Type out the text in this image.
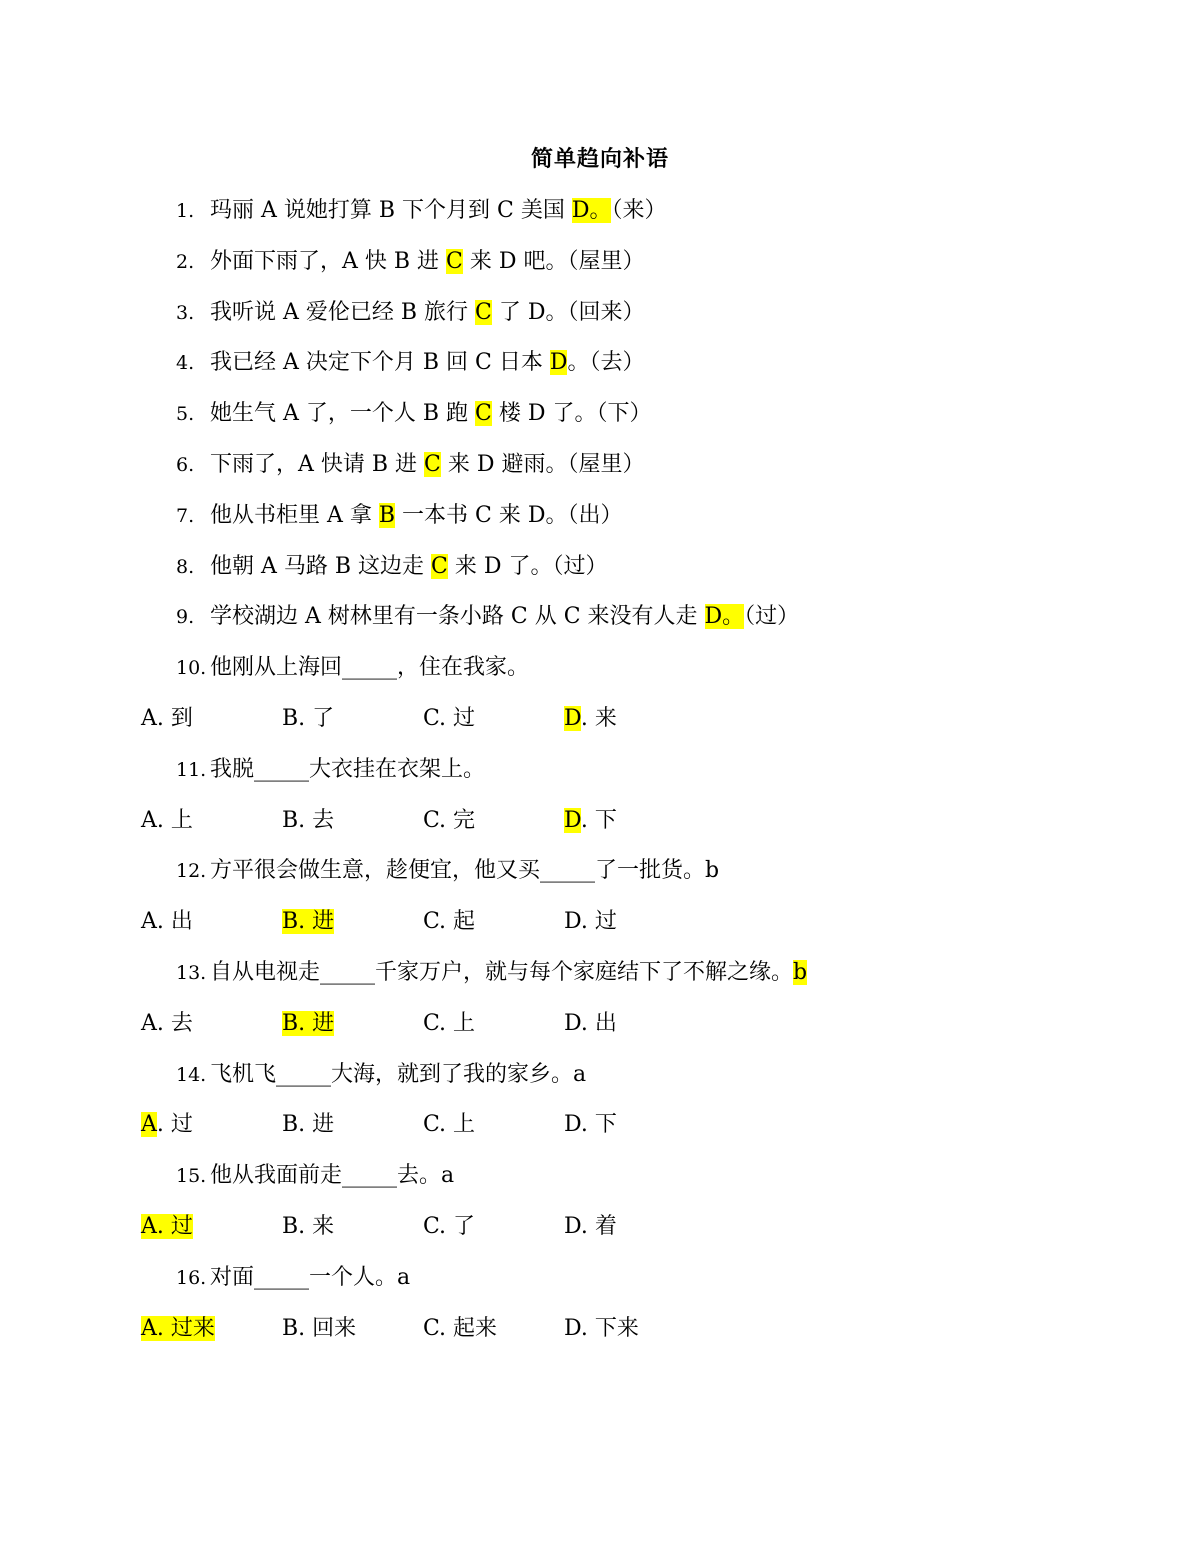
简单趋向补语
1. 玛丽 A 说她打算 B 下个月到 C 美国 D。（来）
2. 外面下雨了，A 快 B 进 C 来 D 吧。（屋里）
3. 我听说 A 爱伦已经 B 旅行 C 了 D。（回来）
4. 我已经 A 决定下个月 B 回 C 日本 D。（去）
5. 她生气 A 了，一个人 B 跑 C 楼 D 了。（下）
6. 下雨了，A 快请 B 进 C 来 D 避雨。（屋里）
7. 他从书柜里 A 拿 B 一本书 C 来 D。（出）
8. 他朝 A 马路 B 这边走 C 来 D 了。（过）
9. 学校湖边 A 树林里有一条小路 C 从 C 来没有人走 D。（过）
10. 他刚从上海回_____，住在我家。
A. 到	B. 了	C. 过	D. 来
11. 我脱_____大衣挂在衣架上。
A. 上	B. 去	C. 完	D. 下
12. 方平很会做生意，趁便宜，他又买_____了一批货。b
A. 出	B. 进	C. 起	D. 过
13. 自从电视走_____千家万户，就与每个家庭结下了不解之缘。b
A. 去	B. 进	C. 上	D. 出
14. 飞机飞_____大海，就到了我的家乡。a
A. 过	B. 进	C. 上	D. 下
15. 他从我面前走_____去。a
A. 过	B. 来	C. 了	D. 着
16. 对面_____一个人。a
A. 过来	B. 回来	C. 起来	D. 下来
